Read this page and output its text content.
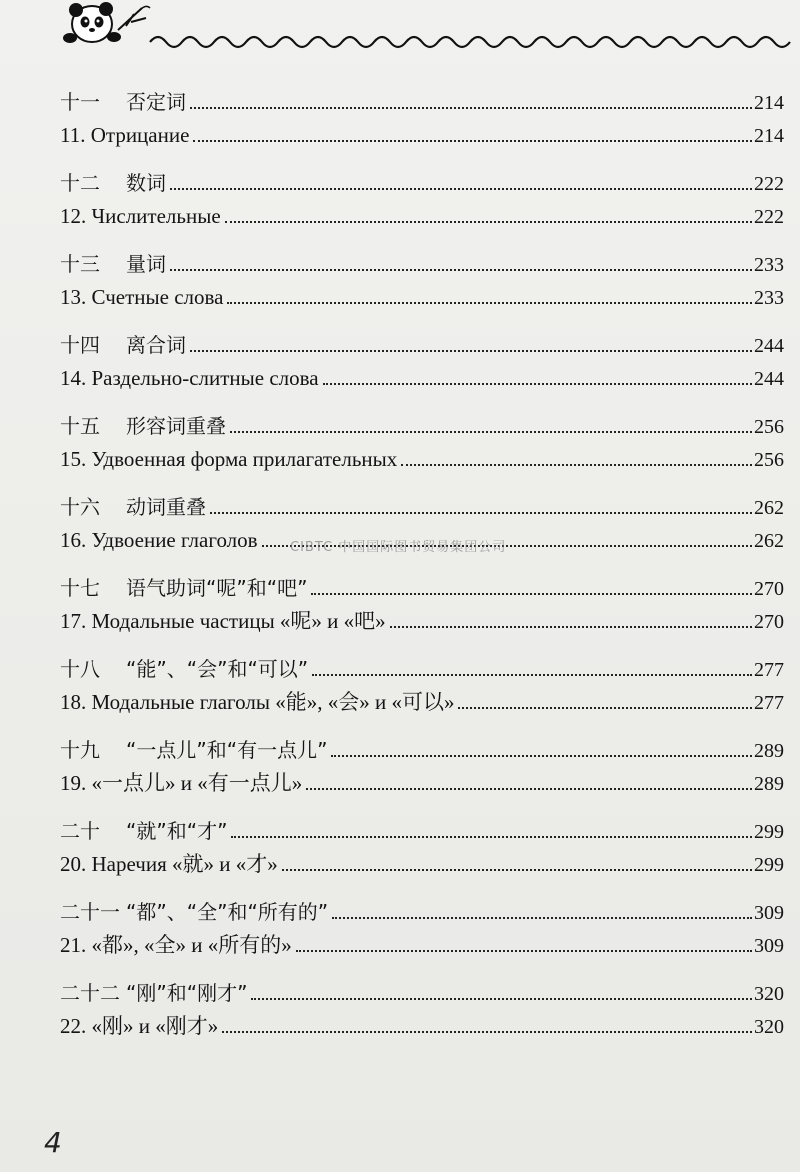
十一	否定词	214
11. Отрицание	214
十二	数词	222
12. Числительные	222
十三	量词	233
13. Счетные слова	233
十四	离合词	244
14. Раздельно-слитные слова	244
十五	形容词重叠	256
15. Удвоенная форма прилагательных	256
十六	动词重叠	262
16. Удвоение глаголов	262
十七	语气助词“呢”和“吧”	270
17. Модальные частицы «呢» и «吧»	270
十八	“能”、“会”和“可以”	277
18. Модальные глаголы «能», «会» и «可以»	277
十九	“一点儿”和“有一点儿”	289
19. «一点儿» и «有一点儿»	289
二十	“就”和“才”	299
20. Наречия «就» и «才»	299
二十一 “都”、“全”和“所有的”	309
21. «都», «全» и «所有的»	309
二十二 “刚”和“刚才”	320
22. «刚» и «刚才»	320
CIBTC 中国国际图书贸易集团公司
4
